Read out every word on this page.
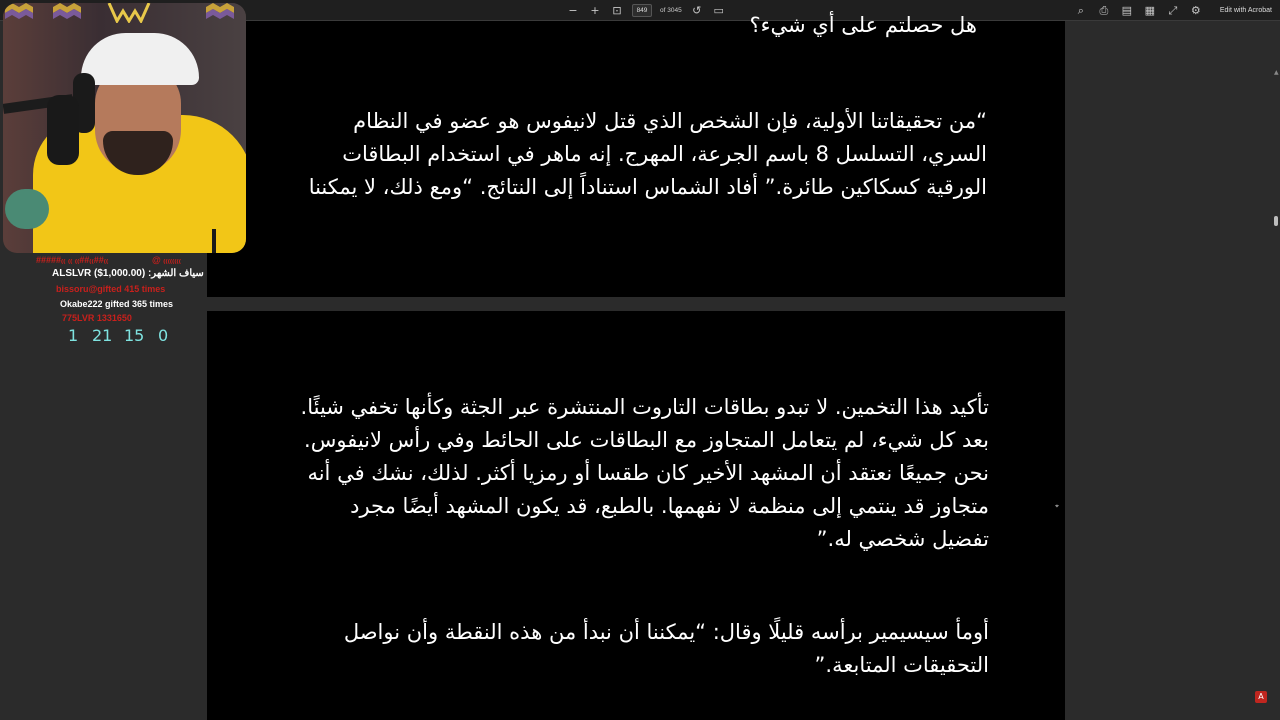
− + ⊡	849	of 3045 ↺ ▭	⌕	⎙ ▤ ▦ ⤢ ⚙	Edit with Acrobat
هل حصلتم على أي شيء؟
“من تحقيقاتنا الأولية، فإن الشخص الذي قتل لانيفوس هو عضو في النظام السري، التسلسل 8 باسم الجرعة، المهرج. إنه ماهر في استخدام البطاقات الورقية كسكاكين طائرة.” أفاد الشماس استناداً إلى النتائج. “ومع ذلك، لا يمكننا
تأكيد هذا التخمين. لا تبدو بطاقات التاروت المنتشرة عبر الجثة وكأنها تخفي شيئًا. بعد كل شيء، لم يتعامل المتجاوز مع البطاقات على الحائط وفي رأس لانيفوس. نحن جميعًا نعتقد أن المشهد الأخير كان طقسا أو رمزيا أكثر. لذلك، نشك في أنه متجاوز قد ينتمي إلى منظمة لا نفهمها. بالطبع، قد يكون المشهد أيضًا مجرد تفضيل شخصي له.”
أومأ سيسيمير برأسه قليلًا وقال: “يمكننا أن نبدأ من هذه النقطة وأن نواصل التحقيقات المتابعة.”
▲
⌖
A
#####₍₍ ₍₍ ₍₍##₍₍##₍₍	@ ₍₍₍₍₍₍₍₍
ALSLVR ($1,000.00) :سياف الشهر
bissoru@gifted 415 times
Okabe222 gifted 365 times
775LVR 1331650
1 21 15 0
